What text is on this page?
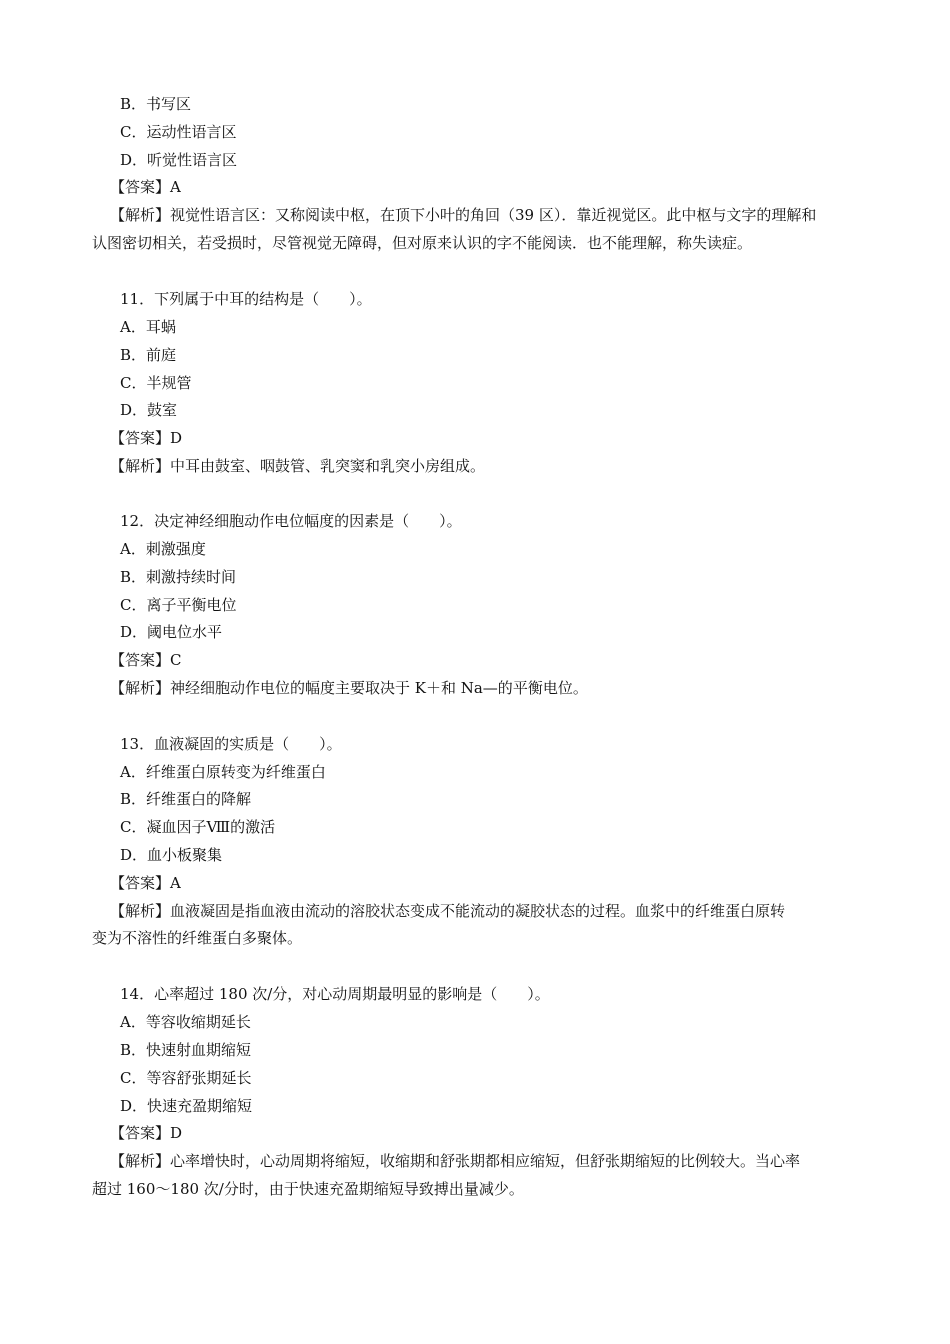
B．书写区
C．运动性语言区
D．听觉性语言区
【答案】A
【解析】视觉性语言区：又称阅读中枢，在顶下小叶的角回（39 区）．靠近视觉区。此中枢与文字的理解和
认图密切相关，若受损时，尽管视觉无障碍，但对原来认识的字不能阅读．也不能理解，称失读症。
11．下列属于中耳的结构是（　　）。
A．耳蜗
B．前庭
C．半规管
D．鼓室
【答案】D
【解析】中耳由鼓室、咽鼓管、乳突窦和乳突小房组成。
12．决定神经细胞动作电位幅度的因素是（　　）。
A．刺激强度
B．刺激持续时间
C．离子平衡电位
D．阈电位水平
【答案】C
【解析】神经细胞动作电位的幅度主要取决于 K＋和 Na—的平衡电位。
13．血液凝固的实质是（　　）。
A．纤维蛋白原转变为纤维蛋白
B．纤维蛋白的降解
C．凝血因子Ⅷ的激活
D．血小板聚集
【答案】A
【解析】血液凝固是指血液由流动的溶胶状态变成不能流动的凝胶状态的过程。血浆中的纤维蛋白原转
变为不溶性的纤维蛋白多聚体。
14．心率超过 180 次/分，对心动周期最明显的影响是（　　）。
A．等容收缩期延长
B．快速射血期缩短
C．等容舒张期延长
D．快速充盈期缩短
【答案】D
【解析】心率增快时，心动周期将缩短，收缩期和舒张期都相应缩短，但舒张期缩短的比例较大。当心率
超过 160～180 次/分时，由于快速充盈期缩短导致搏出量减少。
